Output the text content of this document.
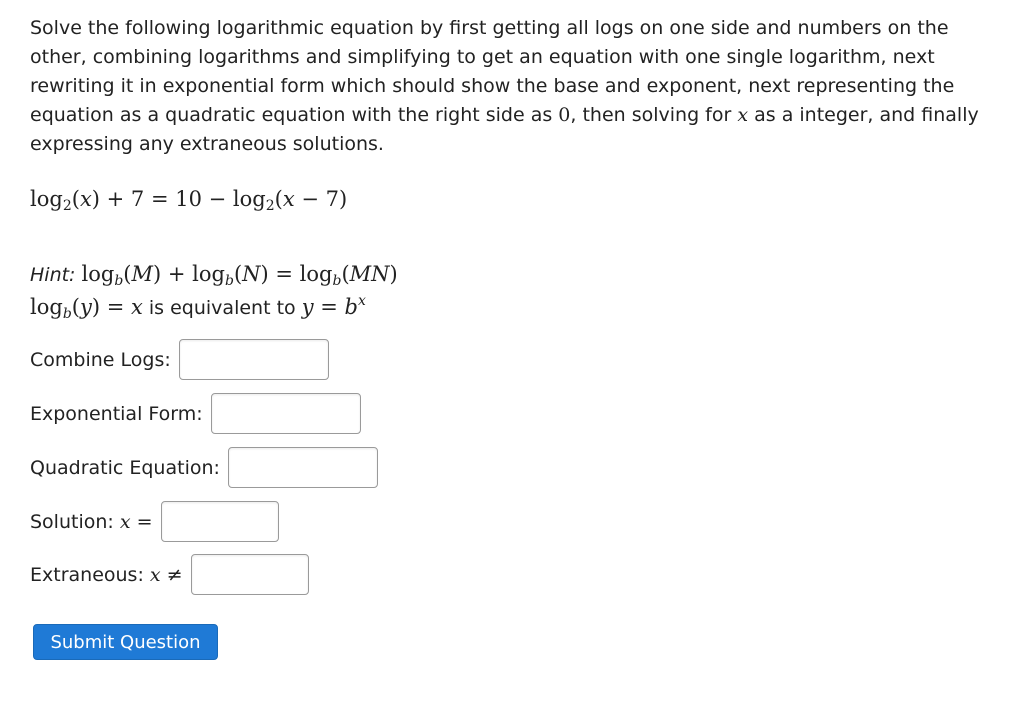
Solve the following logarithmic equation by first getting all logs on one side and numbers on the other, combining logarithms and simplifying to get an equation with one single logarithm, next rewriting it in exponential form which should show the base and exponent, next representing the equation as a quadratic equation with the right side as 0, then solving for x as a integer, and finally expressing any extraneous solutions.

$\log_2(x) + 7 = 10 - \log_2(x - 7)$
Hint: $\log_b(M) + \log_b(N) = \log_b(MN)$
$\log_b(y) = x$ is equivalent to $y = b^x$
Combine Logs:
Exponential Form:
Quadratic Equation:
Solution: x =
Extraneous: x ≠
Submit Question
